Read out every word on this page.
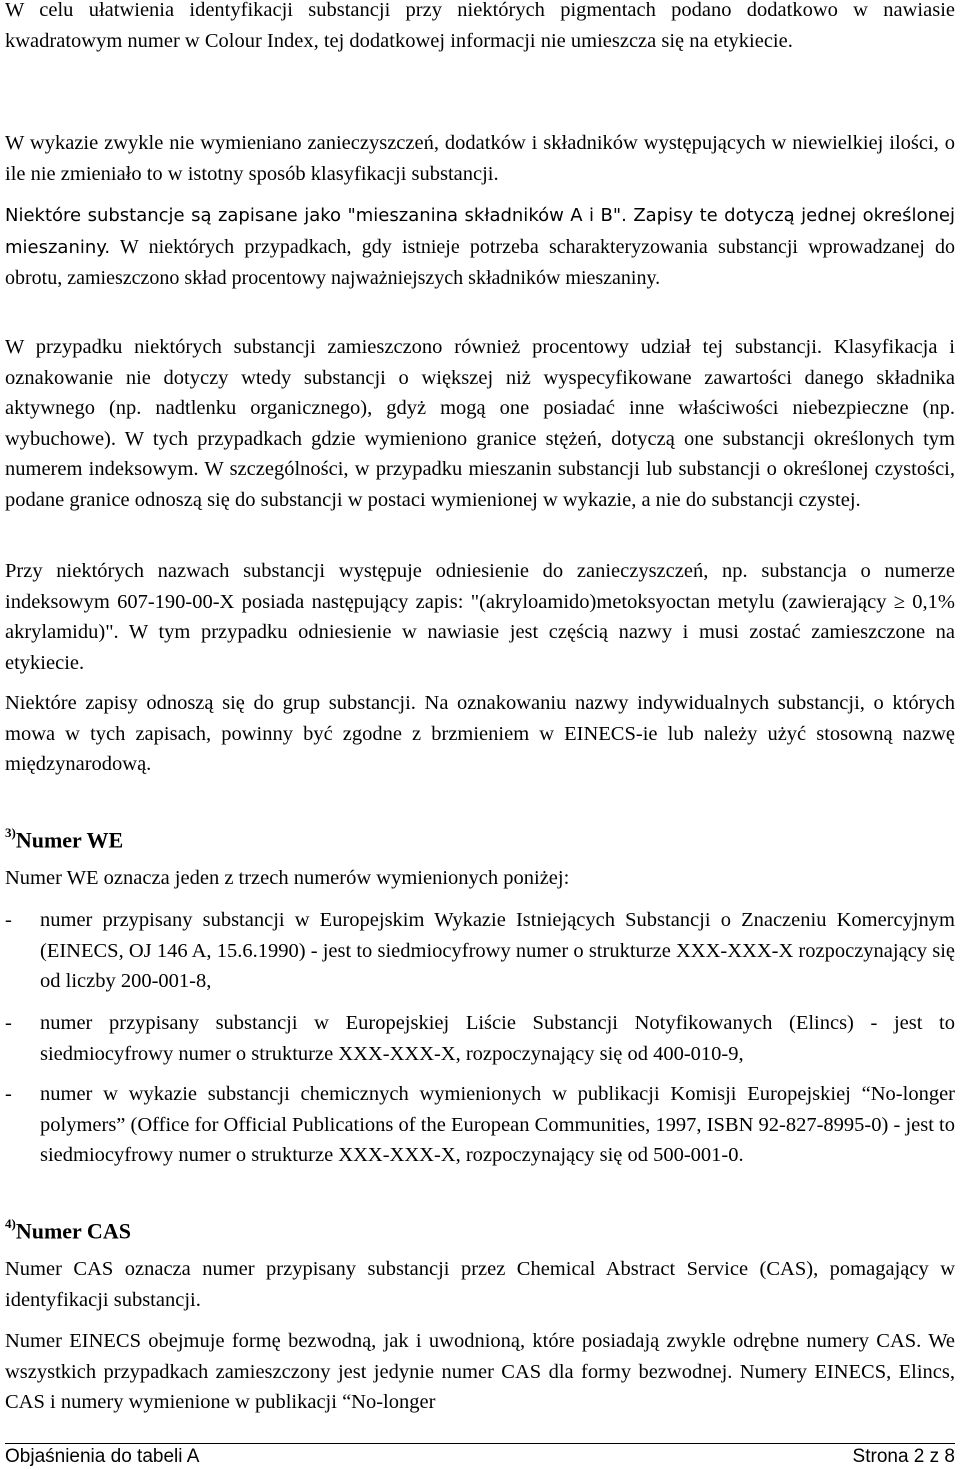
W celu ułatwienia identyfikacji substancji przy niektórych pigmentach podano dodatkowo w nawiasie kwadratowym numer w Colour Index, tej dodatkowej informacji nie umieszcza się na etykiecie.

W wykazie zwykle nie wymieniano zanieczyszczeń, dodatków i składników występujących w niewielkiej ilości, o ile nie zmieniało to w istotny sposób klasyfikacji substancji.

Niektóre substancje są zapisane jako "mieszanina składników A i B". Zapisy te dotyczą jednej określonej mieszaniny. W niektórych przypadkach, gdy istnieje potrzeba scharakteryzowania substancji wprowadzanej do obrotu, zamieszczono skład procentowy najważniejszych składników mieszaniny.

W przypadku niektórych substancji zamieszczono również procentowy udział tej substancji. Klasyfikacja i oznakowanie nie dotyczy wtedy substancji o większej niż wyspecyfikowane zawartości danego składnika aktywnego (np. nadtlenku organicznego), gdyż mogą one posiadać inne właściwości niebezpieczne (np. wybuchowe). W tych przypadkach gdzie wymieniono granice stężeń, dotyczą one substancji określonych tym numerem indeksowym. W szczególności, w przypadku mieszanin substancji lub substancji o określonej czystości, podane granice odnoszą się do substancji w postaci wymienionej w wykazie, a nie do substancji czystej.

Przy niektórych nazwach substancji występuje odniesienie do zanieczyszczeń, np. substancja o numerze indeksowym 607-190-00-X posiada następujący zapis: "(akryloamido)metoksyoctan metylu (zawierający ≥ 0,1% akrylamidu)". W tym przypadku odniesienie w nawiasie jest częścią nazwy i musi zostać zamieszczone na etykiecie.

Niektóre zapisy odnoszą się do grup substancji. Na oznakowaniu nazwy indywidualnych substancji, o których mowa w tych zapisach, powinny być zgodne z brzmieniem w EINECS-ie lub należy użyć stosowną nazwę międzynarodową.

$^{3)}$Numer WE

Numer WE oznacza jeden z trzech numerów wymienionych poniżej:

- numer przypisany substancji w Europejskim Wykazie Istniejących Substancji o Znaczeniu Komercyjnym (EINECS, OJ 146 A, 15.6.1990) - jest to siedmiocyfrowy numer o strukturze XXX-XXX-X rozpoczynający się od liczby 200-001-8,
- numer przypisany substancji w Europejskiej Liście Substancji Notyfikowanych (Elincs) - jest to siedmiocyfrowy numer o strukturze XXX-XXX-X, rozpoczynający się od 400-010-9,
- numer w wykazie substancji chemicznych wymienionych w publikacji Komisji Europejskiej “No-longer polymers” (Office for Official Publications of the European Communities, 1997, ISBN 92-827-8995-0) - jest to siedmiocyfrowy numer o strukturze XXX-XXX-X, rozpoczynający się od 500-001-0.
$^{4)}$Numer CAS

Numer CAS oznacza numer przypisany substancji przez Chemical Abstract Service (CAS), pomagający w identyfikacji substancji.

Numer EINECS obejmuje formę bezwodną, jak i uwodnioną, które posiadają zwykle odrębne numery CAS. We wszystkich przypadkach zamieszczony jest jedynie numer CAS dla formy bezwodnej. Numery EINECS, Elincs, CAS i numery wymienione w publikacji “No-longer

Objaśnienia do tabeli A	Strona 2 z 8
